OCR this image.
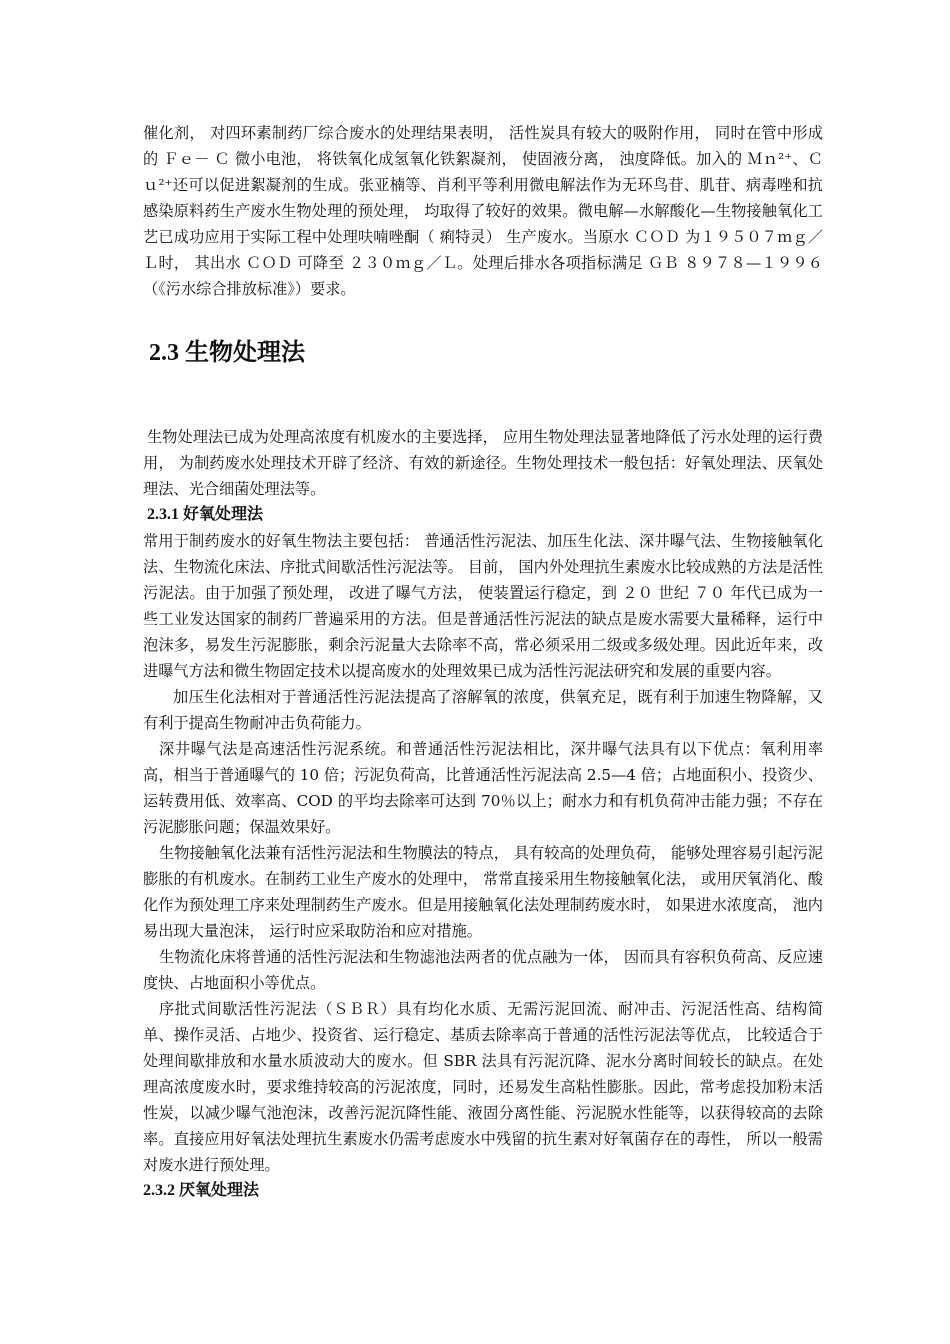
催化剂， 对四环素制药厂综合废水的处理结果表明， 活性炭具有较大的吸附作用， 同时在管中形成的 Ｆｅ－ Ｃ 微小电池， 将铁氧化成氢氧化铁絮凝剂， 使固液分离， 浊度降低。加入的 Ｍｎ²⁺、Ｃｕ²⁺还可以促进絮凝剂的生成。张亚楠等、肖利平等利用微电解法作为无环鸟苷、肌苷、病毒唑和抗感染原料药生产废水生物处理的预处理， 均取得了较好的效果。微电解—水解酸化—生物接触氧化工艺已成功应用于实际工程中处理呋喃唑酮（ 痢特灵） 生产废水。当原水 ＣＯＤ 为１９５０７ｍｇ／Ｌ时， 其出水 ＣＯＤ 可降至 ２３０ｍｇ／Ｌ。处理后排水各项指标满足 ＧＢ ８９７８—１９９６（《污水综合排放标准》）要求。

2.3 生物处理法

生物处理法已成为处理高浓度有机废水的主要选择， 应用生物处理法显著地降低了污水处理的运行费用， 为制药废水处理技术开辟了经济、有效的新途径。生物处理技术一般包括：好氧处理法、厌氧处理法、光合细菌处理法等。

2.3.1 好氧处理法

常用于制药废水的好氧生物法主要包括： 普通活性污泥法、加压生化法、深井曝气法、生物接触氧化法、生物流化床法、序批式间歇活性污泥法等。 目前， 国内外处理抗生素废水比较成熟的方法是活性污泥法。由于加强了预处理， 改进了曝气方法， 使装置运行稳定，到 ２０ 世纪 ７０ 年代已成为一些工业发达国家的制药厂普遍采用的方法。但是普通活性污泥法的缺点是废水需要大量稀释，运行中泡沫多，易发生污泥膨胀，剩余污泥量大去除率不高，常必须采用二级或多级处理。因此近年来，改进曝气方法和微生物固定技术以提高废水的处理效果已成为活性污泥法研究和发展的重要内容。

加压生化法相对于普通活性污泥法提高了溶解氧的浓度，供氧充足，既有利于加速生物降解，又有利于提高生物耐冲击负荷能力。

深井曝气法是高速活性污泥系统。和普通活性污泥法相比，深井曝气法具有以下优点：氧利用率高，相当于普通曝气的 10 倍；污泥负荷高，比普通活性污泥法高 2.5—4 倍；占地面积小、投资少、运转费用低、效率高、COD 的平均去除率可达到 70％以上；耐水力和有机负荷冲击能力强；不存在污泥膨胀问题；保温效果好。

生物接触氧化法兼有活性污泥法和生物膜法的特点， 具有较高的处理负荷， 能够处理容易引起污泥膨胀的有机废水。在制药工业生产废水的处理中， 常常直接采用生物接触氧化法， 或用厌氧消化、酸化作为预处理工序来处理制药生产废水。但是用接触氧化法处理制药废水时， 如果进水浓度高， 池内易出现大量泡沫， 运行时应采取防治和应对措施。

生物流化床将普通的活性污泥法和生物滤池法两者的优点融为一体， 因而具有容积负荷高、反应速度快、占地面积小等优点。

序批式间歇活性污泥法（ＳＢＲ）具有均化水质、无需污泥回流、耐冲击、污泥活性高、结构简单、操作灵活、占地少、投资省、运行稳定、基质去除率高于普通的活性污泥法等优点， 比较适合于处理间歇排放和水量水质波动大的废水。但 SBR 法具有污泥沉降、泥水分离时间较长的缺点。在处理高浓度废水时，要求维持较高的污泥浓度，同时，还易发生高粘性膨胀。因此，常考虑投加粉末活性炭，以减少曝气池泡沫，改善污泥沉降性能、液固分离性能、污泥脱水性能等，以获得较高的去除率。直接应用好氧法处理抗生素废水仍需考虑废水中残留的抗生素对好氧菌存在的毒性， 所以一般需对废水进行预处理。

2.3.2 厌氧处理法
